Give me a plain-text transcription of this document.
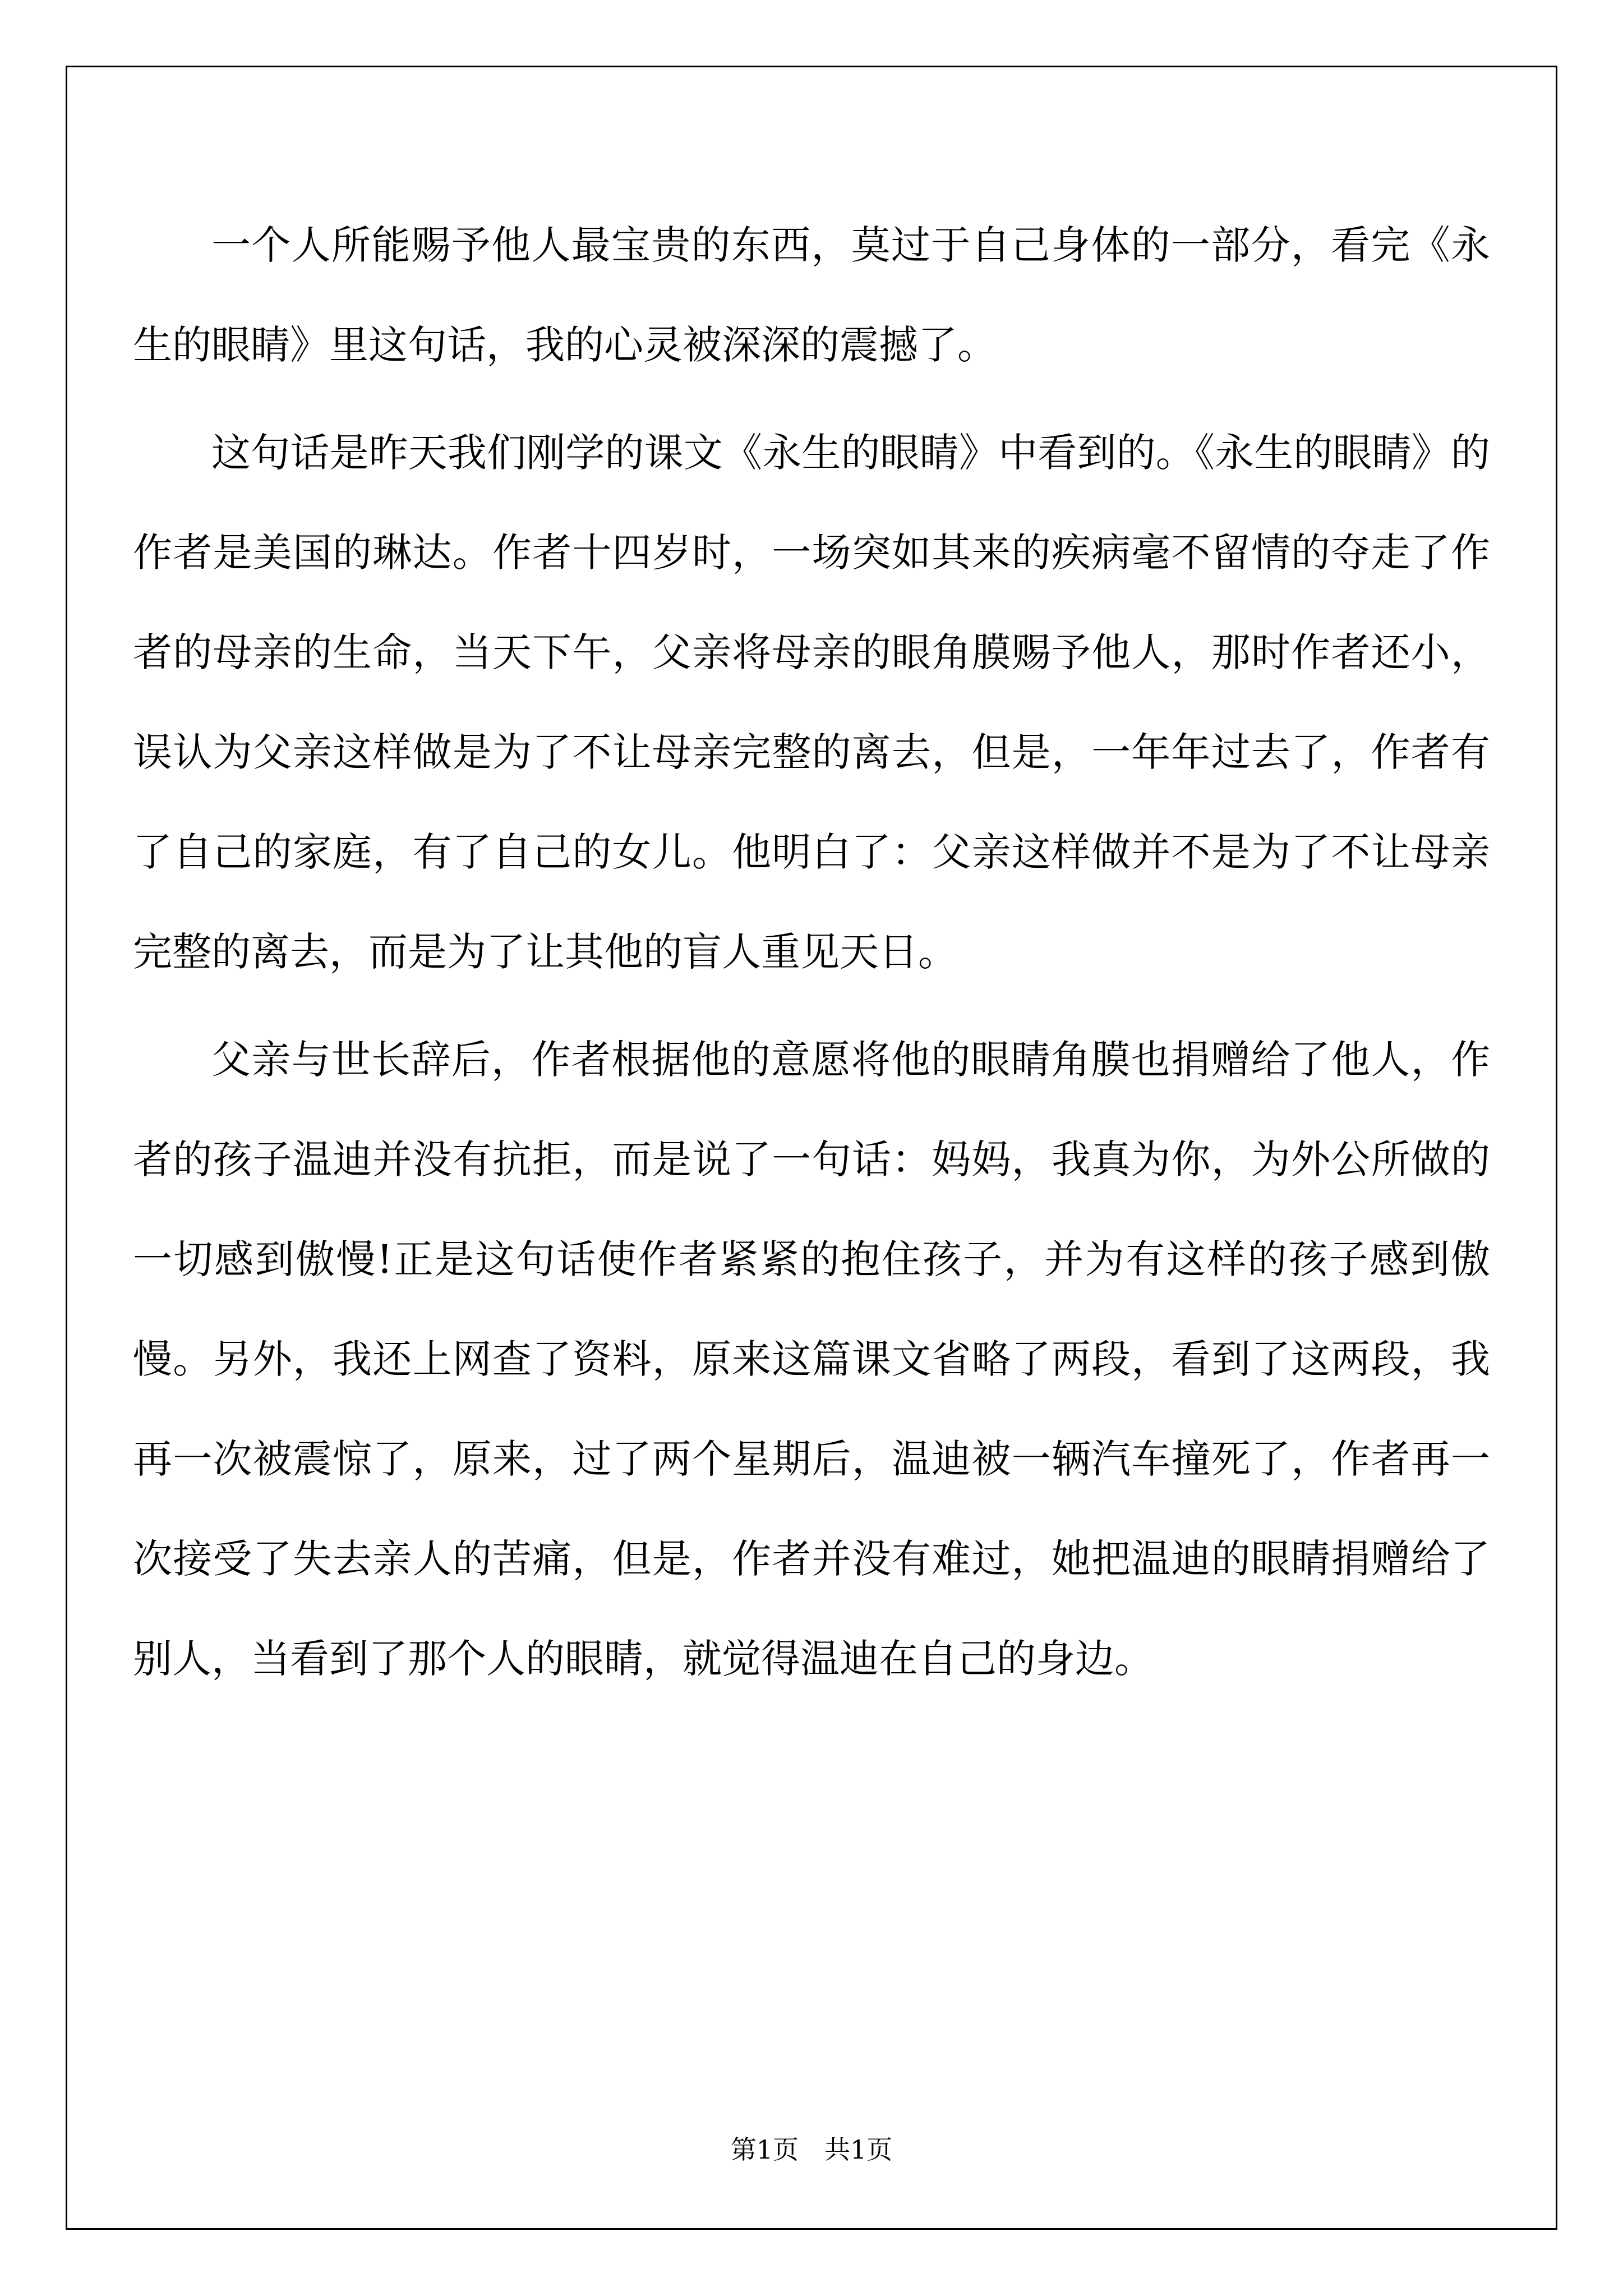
一个人所能赐予他人最宝贵的东西，莫过于自己身体的一部分，看完《永生的眼睛》里这句话，我的心灵被深深的震撼了。

这句话是昨天我们刚学的课文《永生的眼睛》中看到的。《永生的眼睛》的作者是美国的琳达。作者十四岁时，一场突如其来的疾病毫不留情的夺走了作者的母亲的生命，当天下午，父亲将母亲的眼角膜赐予他人，那时作者还小，误认为父亲这样做是为了不让母亲完整的离去，但是，一年年过去了，作者有了自己的家庭，有了自己的女儿。他明白了：父亲这样做并不是为了不让母亲完整的离去，而是为了让其他的盲人重见天日。

父亲与世长辞后，作者根据他的意愿将他的眼睛角膜也捐赠给了他人，作者的孩子温迪并没有抗拒，而是说了一句话：妈妈，我真为你，为外公所做的一切感到傲慢!正是这句话使作者紧紧的抱住孩子，并为有这样的孩子感到傲慢。另外，我还上网查了资料，原来这篇课文省略了两段，看到了这两段，我再一次被震惊了，原来，过了两个星期后，温迪被一辆汽车撞死了，作者再一次接受了失去亲人的苦痛，但是，作者并没有难过，她把温迪的眼睛捐赠给了别人，当看到了那个人的眼睛，就觉得温迪在自己的身边。

第1页　共1页
